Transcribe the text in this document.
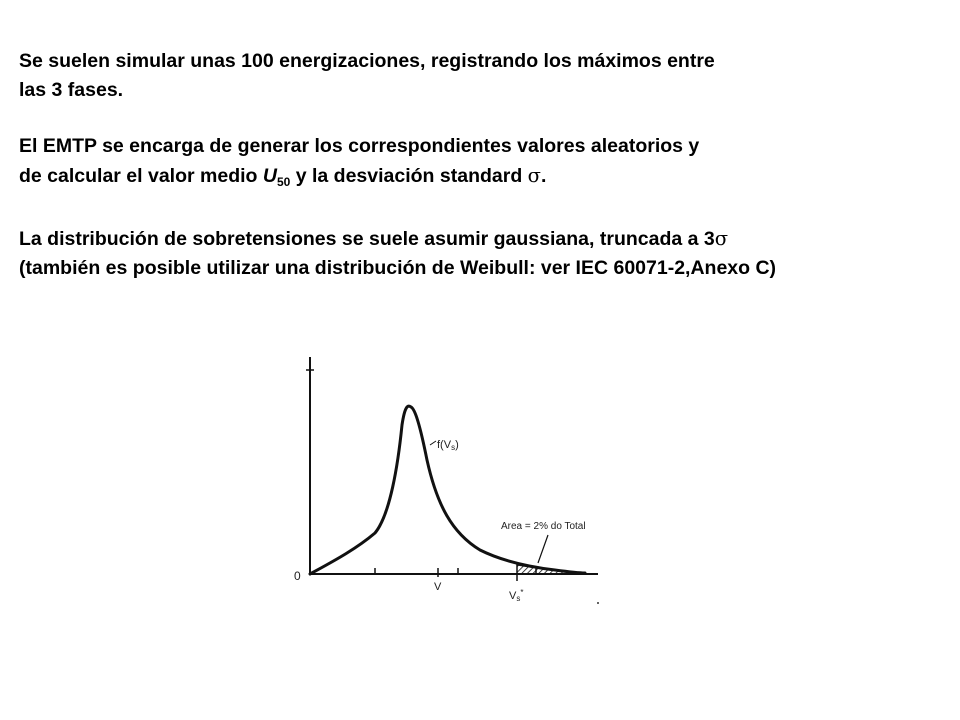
Se suelen simular unas 100 energizaciones, registrando los máximos entre
las 3 fases.

El EMTP se encarga de generar los correspondientes valores aleatorios y
de calcular el valor medio $U_{50}$ y la desviación standard σ.

La distribución de sobretensiones se suele asumir gaussiana, truncada a 3σ
(también es posible utilizar una distribución de Weibull: ver IEC 60071-2,Anexo C)

0
f(Vs)
V
Vs*
Area = 2% do Total
